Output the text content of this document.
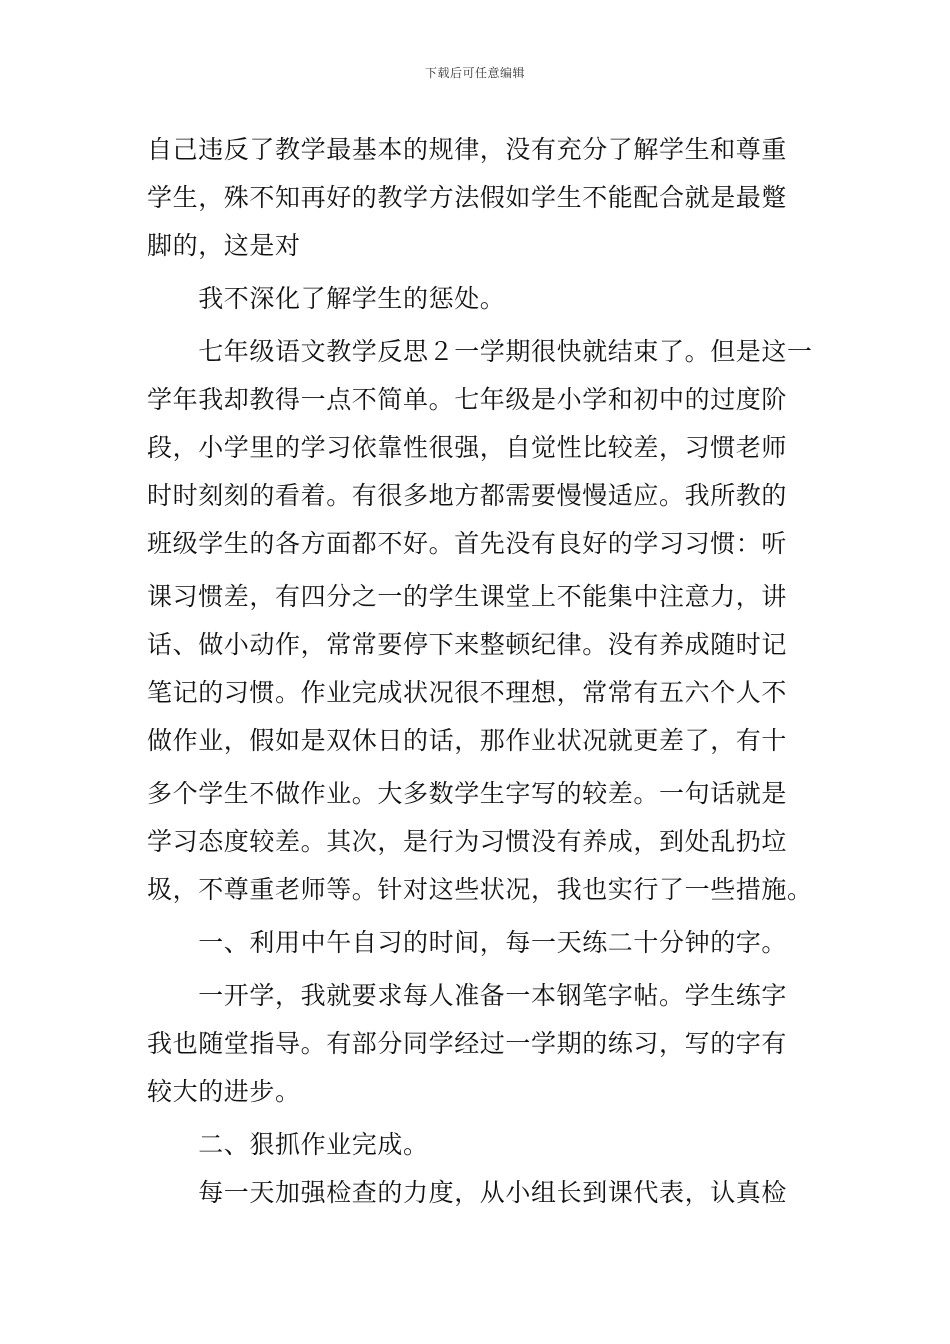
下载后可任意编辑
自己违反了教学最基本的规律，没有充分了解学生和尊重
学生，殊不知再好的教学方法假如学生不能配合就是最蹩
脚的，这是对
　　我不深化了解学生的惩处。
　　七年级语文教学反思２一学期很快就结束了。但是这一
学年我却教得一点不简单。七年级是小学和初中的过度阶
段，小学里的学习依靠性很强，自觉性比较差，习惯老师
时时刻刻的看着。有很多地方都需要慢慢适应。我所教的
班级学生的各方面都不好。首先没有良好的学习习惯：听
课习惯差，有四分之一的学生课堂上不能集中注意力，讲
话、做小动作，常常要停下来整顿纪律。没有养成随时记
笔记的习惯。作业完成状况很不理想，常常有五六个人不
做作业，假如是双休日的话，那作业状况就更差了，有十
多个学生不做作业。大多数学生字写的较差。一句话就是
学习态度较差。其次，是行为习惯没有养成，到处乱扔垃
圾，不尊重老师等。针对这些状况，我也实行了一些措施。
　　一、利用中午自习的时间，每一天练二十分钟的字。
　　一开学，我就要求每人准备一本钢笔字帖。学生练字
我也随堂指导。有部分同学经过一学期的练习，写的字有
较大的进步。
　　二、狠抓作业完成。
　　每一天加强检查的力度，从小组长到课代表，认真检
